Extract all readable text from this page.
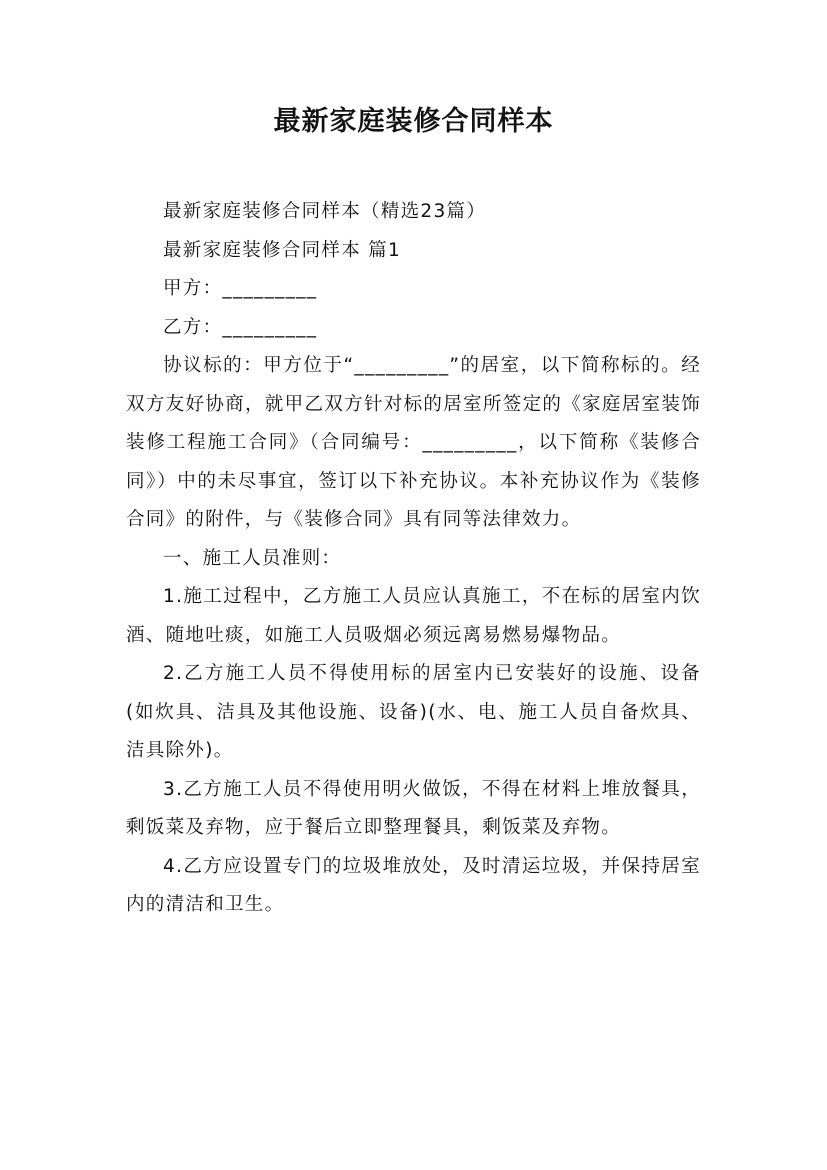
最新家庭装修合同样本

最新家庭装修合同样本（精选23篇）

最新家庭装修合同样本 篇1

甲方：_________

乙方：_________

协议标的：甲方位于“_________”的居室，以下简称标的。经双方友好协商，就甲乙双方针对标的居室所签定的《家庭居室装饰装修工程施工合同》（合同编号：_________，以下简称《装修合同》）中的未尽事宜，签订以下补充协议。本补充协议作为《装修合同》的附件，与《装修合同》具有同等法律效力。

一、施工人员准则：

1.施工过程中，乙方施工人员应认真施工，不在标的居室内饮酒、随地吐痰，如施工人员吸烟必须远离易燃易爆物品。

2.乙方施工人员不得使用标的居室内已安装好的设施、设备(如炊具、洁具及其他设施、设备)(水、电、施工人员自备炊具、洁具除外)。

3.乙方施工人员不得使用明火做饭，不得在材料上堆放餐具，剩饭菜及弃物，应于餐后立即整理餐具，剩饭菜及弃物。

4.乙方应设置专门的垃圾堆放处，及时清运垃圾，并保持居室内的清洁和卫生。
